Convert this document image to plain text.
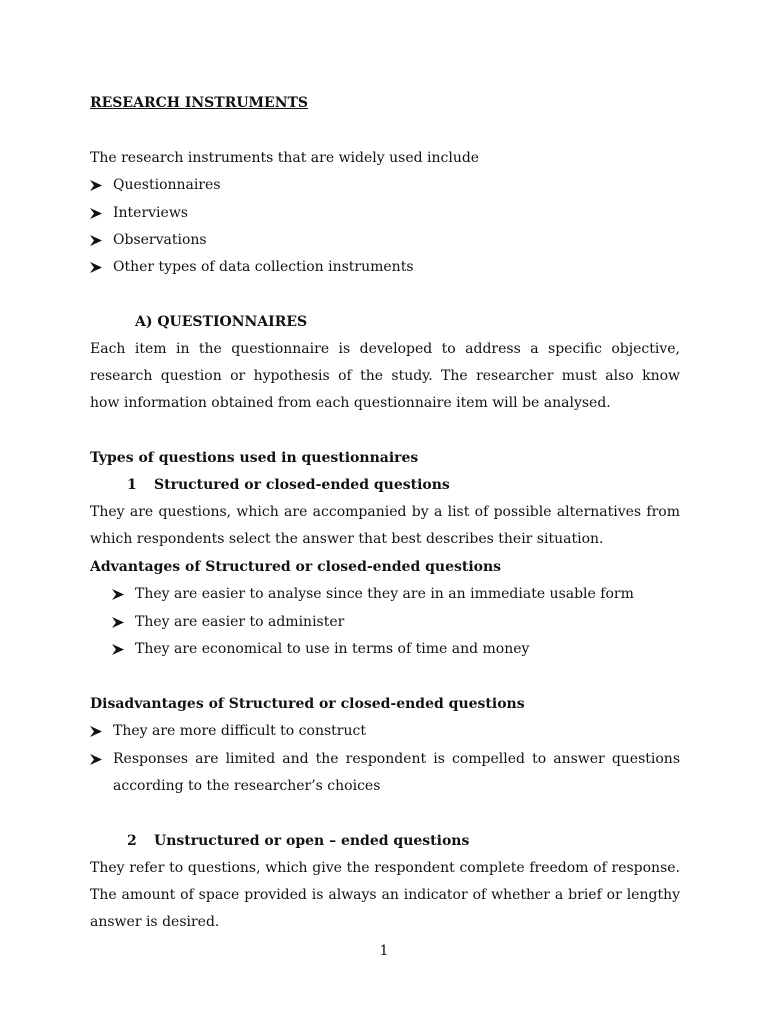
RESEARCH INSTRUMENTS
The research instruments that are widely used include
Questionnaires
Interviews
Observations
Other types of data collection instruments
A) QUESTIONNAIRES
Each item in the questionnaire is developed to address a specific objective,
research question or hypothesis of the study. The researcher must also know
how information obtained from each questionnaire item will be analysed.
Types of questions used in questionnaires
1 Structured or closed-ended questions
They are questions, which are accompanied by a list of possible alternatives from
which respondents select the answer that best describes their situation.
Advantages of Structured or closed-ended questions
They are easier to analyse since they are in an immediate usable form
They are easier to administer
They are economical to use in terms of time and money
Disadvantages of Structured or closed-ended questions
They are more difficult to construct
Responses are limited and the respondent is compelled to answer questions
according to the researcher’s choices
2 Unstructured or open – ended questions
They refer to questions, which give the respondent complete freedom of response.
The amount of space provided is always an indicator of whether a brief or lengthy
answer is desired.
1
